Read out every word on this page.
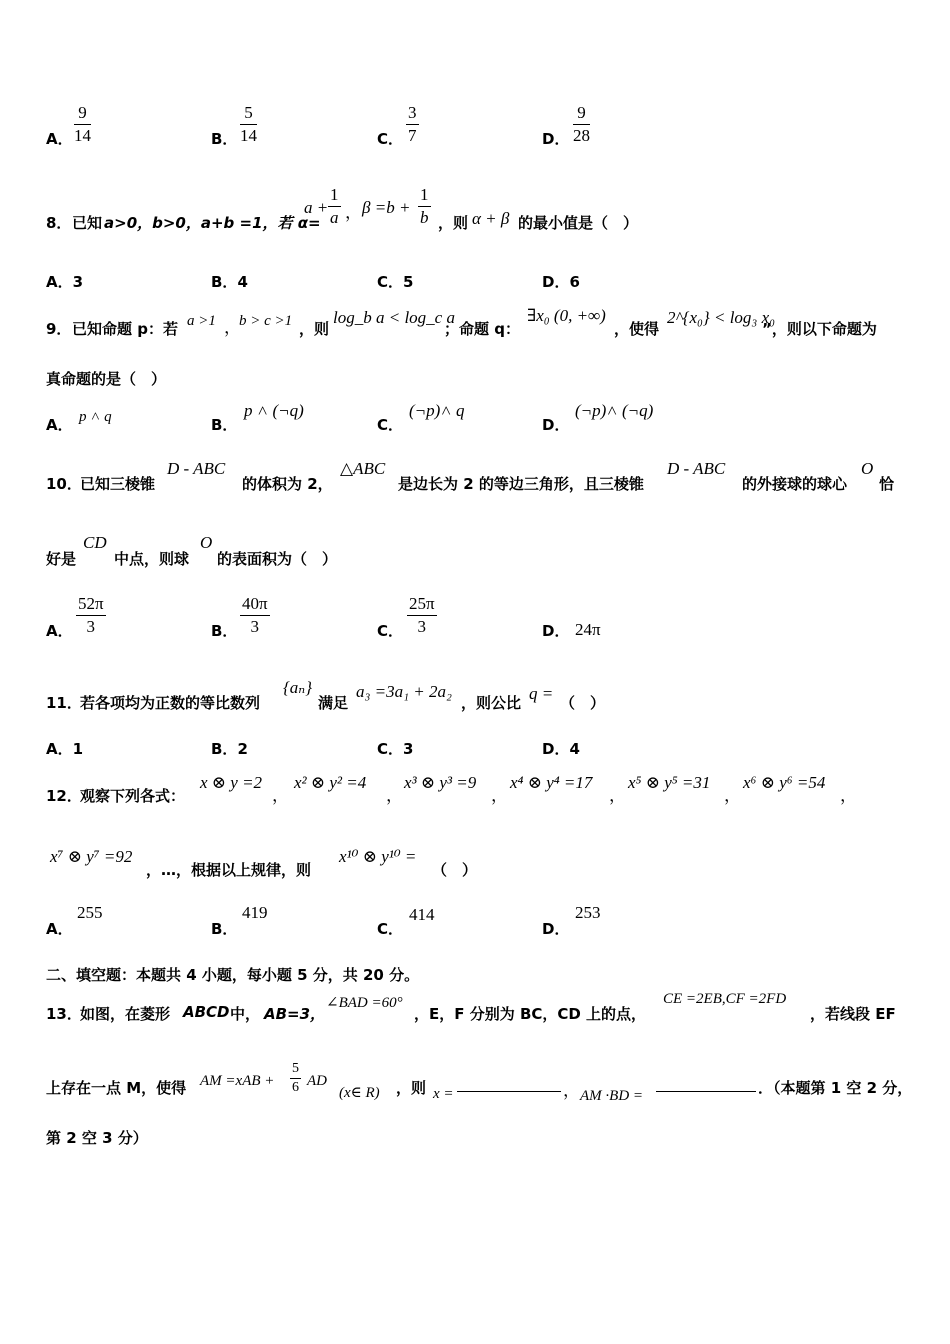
A．
9
14	B．
5
14	C．
3
7	D．
9
28
8． 已知 a>0，b>0，a+b =1，若 α=
a +
1
a ， β =b +
1
b ，则 α + β 的最小值是（　）
A．3	B．4	C．5	D．6
9． 已知命题 p：若 a >1 ，
b > c >1 ，则
log_b a < log_c a
；命题 q：
∃x₀ (0, +∞)
，使得
2^{x₀} < log₃ x₀
”，则以下命题为
真命题的是（　）
A． p ˄ q	B．
p ˄ (¬q)
C．
(¬p)˄ q
D．
(¬p)˄ (¬q)
10．
已知三棱锥
D - ABC
的体积为 2，
△ABC
是边长为 2 的等边三角形，且三棱锥
D - ABC
的外接球的球心
O
恰
好是
CD
中点，则球
O
的表面积为（　）
A．
52π
3	B．
40π
3	C．
25π
3	D． 24π
11．
若各项均为正数的等比数列
{aₙ}
满足
a₃ =3a₁ + 2a₂
，则公比 q = （　）
A．1	B．2	C．3	D．4
12．
观察下列各式：
x ⊗ y =2
，
x² ⊗ y² =4
，
x³ ⊗ y³ =9
，
x⁴ ⊗ y⁴ =17
，
x⁵ ⊗ y⁵ =31
，
x⁶ ⊗ y⁶ =54
，
x⁷ ⊗ y⁷ =92
，…，根据以上规律，则
x¹⁰ ⊗ y¹⁰ =
（　）
A．
255
B．
419
C．
414
D．
253
二、填空题：本题共 4 小题，每小题 5 分，共 20 分。
13．
如图，在菱形 ABCD 中， AB=3，
∠BAD =60°
，E，F 分别为 BC，CD 上的点，
CE =2EB,CF =2FD
，若线段 EF
上存在一点 M，使得 AM =xAB +
5
6 AD
(x∈ R) ，则 x =	， AM ·BD =	．（本题第 1 空 2 分，
第 2 空 3 分）
